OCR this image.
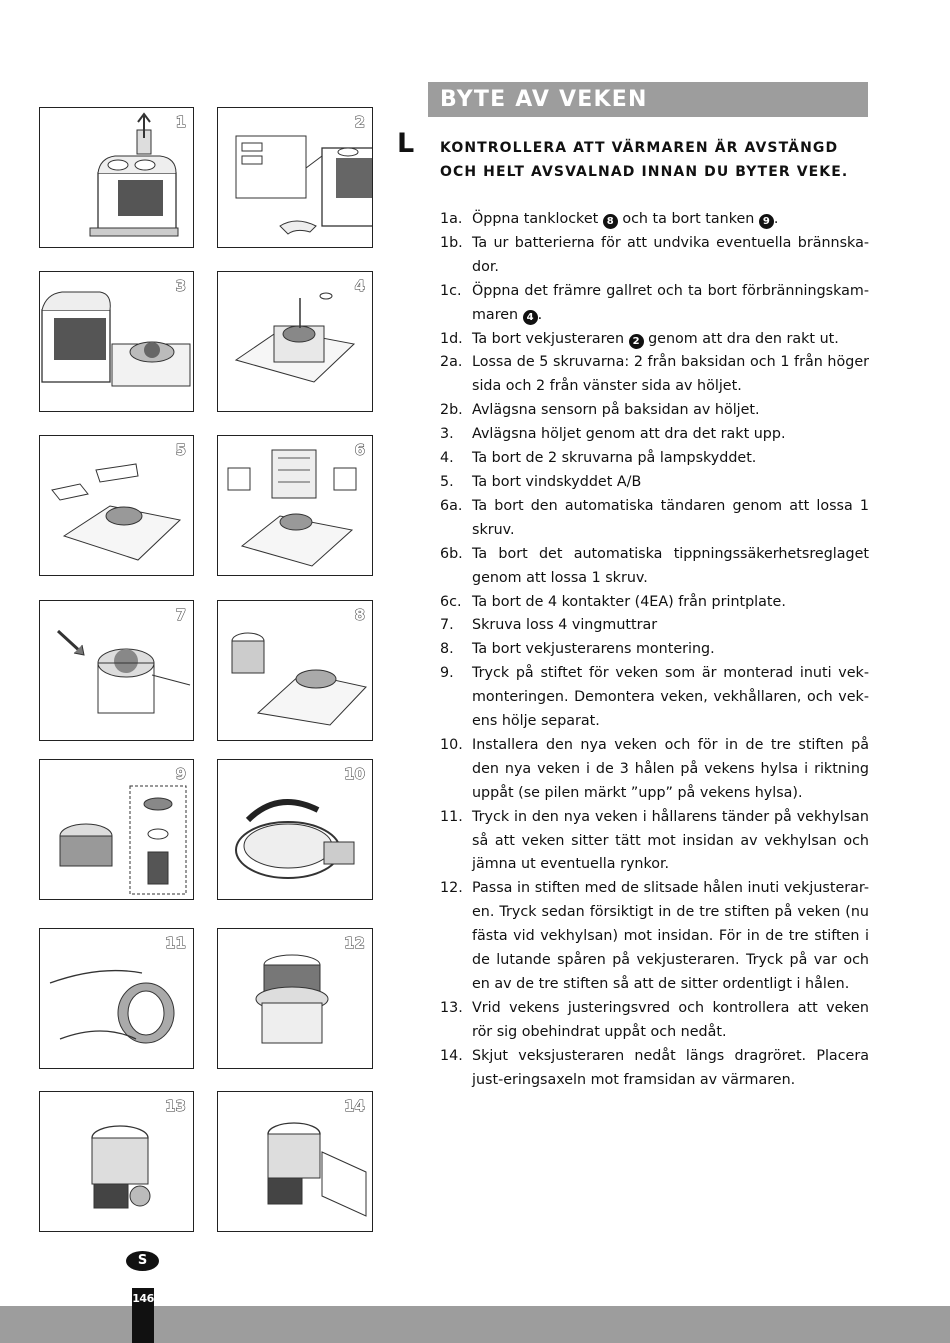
1	2
3	4
5	6
7	8
9	10
11	12
13	14
BYTE AV VEKEN
L KONTROLLERA ATT VÄRMAREN ÄR AVSTÄNGD OCH HELT AVSVALNAD INNAN DU BYTER VEKE.
1a. Öppna tanklocket 8 och ta bort tanken 9 .
1b. Ta ur batterierna för att undvika eventuella brännska-dor.
1c. Öppna det främre gallret och ta bort förbränningskam-maren 4 .
1d. Ta bort vekjusteraren 2 genom att dra den rakt ut.
2a. Lossa de 5 skruvarna: 2 från baksidan och 1 från höger sida och 2 från vänster sida av höljet.
2b. Avlägsna sensorn på baksidan av höljet.
3.	Avlägsna höljet genom att dra det rakt upp.
4.	Ta bort de 2 skruvarna på lampskyddet.
5.	Ta bort vindskyddet A/B
6a. Ta bort den automatiska tändaren genom att lossa 1 skruv.
6b. Ta bort det automatiska tippningssäkerhetsreglaget genom att lossa 1 skruv.
6c. Ta bort de 4 kontakter (4EA) från printplate.
7.	Skruva loss 4 vingmuttrar
8.	Ta bort vekjusterarens montering.
9.	Tryck på stiftet för veken som är monterad inuti vek-monteringen. Demontera veken, vekhållaren, och vek-ens hölje separat.
10. Installera den nya veken och för in de tre stiften på den nya veken i de 3 hålen på vekens hylsa i riktning uppåt (se pilen märkt ”upp” på vekens hylsa).
11. Tryck in den nya veken i hållarens tänder på vekhylsan så att veken sitter tätt mot insidan av vekhylsan och jämna ut eventuella rynkor.
12. Passa in stiften med de slitsade hålen inuti vekjusterar-en. Tryck sedan försiktigt in de tre stiften på veken (nu fästa vid vekhylsan) mot insidan. För in de tre stiften i de lutande spåren på vekjusteraren. Tryck på var och en av de tre stiften så att de sitter ordentligt i hålen.
13. Vrid vekens justeringsvred och kontrollera att veken rör sig obehindrat uppåt och nedåt.
14. Skjut veksjusteraren nedåt längs dragröret. Placera just-eringsaxeln mot framsidan av värmaren.
S
146
